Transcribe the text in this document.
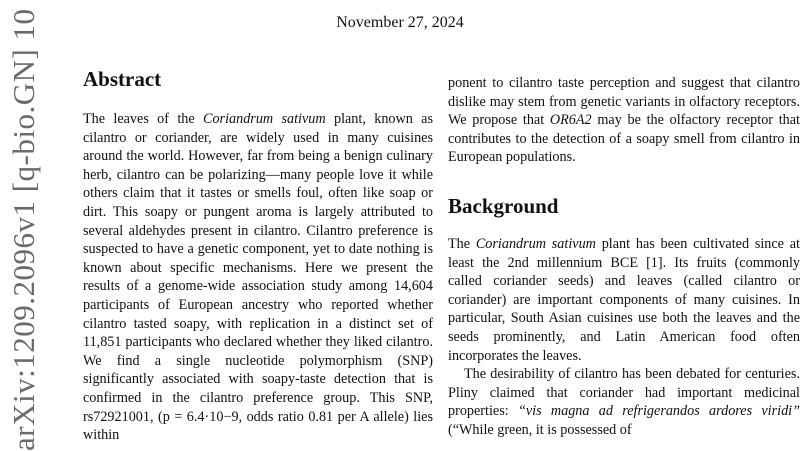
arXiv:1209.2096v1 [q-bio.GN] 10	November 27, 2024
Abstract

The leaves of the Coriandrum sativum plant, known as cilantro or coriander, are widely used in many cuisines around the world. However, far from being a benign culinary herb, cilantro can be polarizing—many people love it while others claim that it tastes or smells foul, often like soap or dirt. This soapy or pungent aroma is largely attributed to several aldehydes present in cilantro. Cilantro preference is suspected to have a genetic component, yet to date nothing is known about specific mechanisms. Here we present the results of a genome-wide association study among 14,604 participants of European ancestry who reported whether cilantro tasted soapy, with replication in a distinct set of 11,851 participants who declared whether they liked cilantro. We find a single nucleotide polymorphism (SNP) significantly associated with soapy-taste detection that is confirmed in the cilantro preference group. This SNP, rs72921001, (p = 6.4·10−9, odds ratio 0.81 per A allele) lies within

ponent to cilantro taste perception and suggest that cilantro dislike may stem from genetic variants in olfactory receptors. We propose that OR6A2 may be the olfactory receptor that contributes to the detection of a soapy smell from cilantro in European populations.

Background

The Coriandrum sativum plant has been cultivated since at least the 2nd millennium BCE [1]. Its fruits (commonly called coriander seeds) and leaves (called cilantro or coriander) are important components of many cuisines. In particular, South Asian cuisines use both the leaves and the seeds prominently, and Latin American food often incorporates the leaves.

The desirability of cilantro has been debated for centuries. Pliny claimed that coriander had important medicinal properties: “vis magna ad refrigerandos ardores viridi” (“While green, it is possessed of
